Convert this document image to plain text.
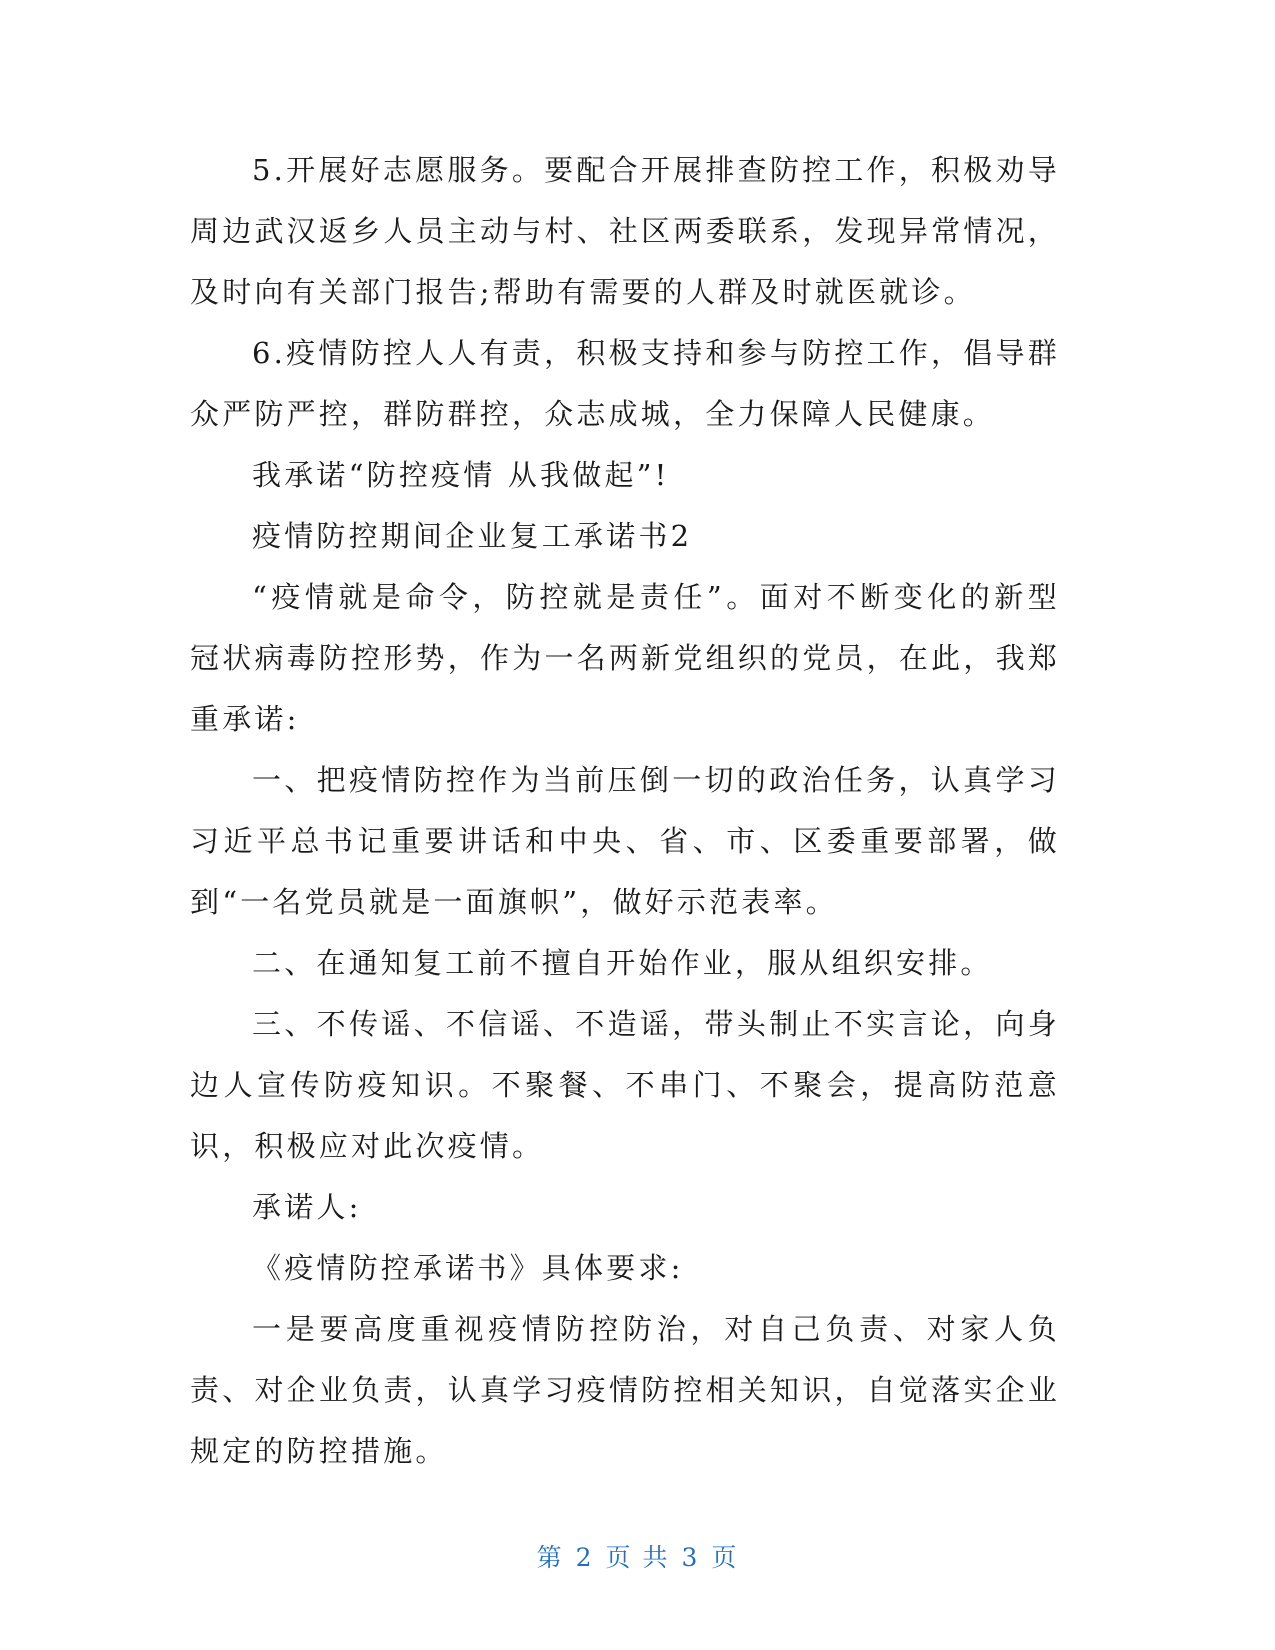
5.开展好志愿服务。要配合开展排查防控工作，积极劝导周边武汉返乡人员主动与村、社区两委联系，发现异常情况，及时向有关部门报告;帮助有需要的人群及时就医就诊。

6.疫情防控人人有责，积极支持和参与防控工作，倡导群众严防严控，群防群控，众志成城，全力保障人民健康。

我承诺“防控疫情 从我做起”!

疫情防控期间企业复工承诺书2

“疫情就是命令，防控就是责任”。面对不断变化的新型冠状病毒防控形势，作为一名两新党组织的党员，在此，我郑重承诺:

一、把疫情防控作为当前压倒一切的政治任务，认真学习习近平总书记重要讲话和中央、省、市、区委重要部署，做到“一名党员就是一面旗帜”，做好示范表率。

二、在通知复工前不擅自开始作业，服从组织安排。

三、不传谣、不信谣、不造谣，带头制止不实言论，向身边人宣传防疫知识。不聚餐、不串门、不聚会，提高防范意识，积极应对此次疫情。

承诺人:

《疫情防控承诺书》具体要求:

一是要高度重视疫情防控防治，对自己负责、对家人负责、对企业负责，认真学习疫情防控相关知识，自觉落实企业规定的防控措施。

第 2 页 共 3 页
